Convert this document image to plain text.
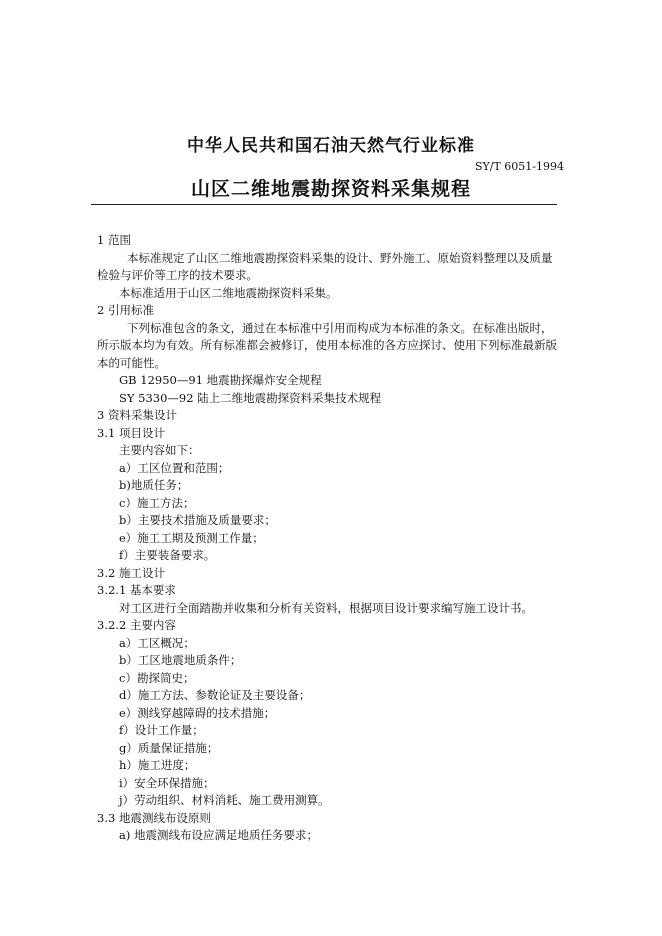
中华人民共和国石油天然气行业标准
SY/T 6051-1994
山区二维地震勘探资料采集规程
1 范围
本标准规定了山区二维地震勘探资料采集的设计、野外施工、原始资料整理以及质量
检验与评价等工序的技术要求。
本标准适用于山区二维地震勘探资料采集。
2 引用标准
下列标准包含的条文，通过在本标准中引用而构成为本标准的条文。在标准出版时，
所示版本均为有效。所有标准都会被修订，使用本标准的各方应探讨、使用下列标准最新版
本的可能性。
GB 12950—91 地震勘探爆炸安全规程
SY 5330—92 陆上二维地震勘探资料采集技术规程
3 资料采集设计
3.1 项目设计
主要内容如下：
a）工区位置和范围；
b)地质任务；
c）施工方法；
b）主要技术措施及质量要求；
e）施工工期及预测工作量；
f）主要装备要求。
3.2 施工设计
3.2.1 基本要求
对工区进行全面踏勘并收集和分析有关资料，根据项目设计要求编写施工设计书。
3.2.2 主要内容
a）工区概况；
b）工区地震地质条件；
c）勘探简史；
d）施工方法、参数论证及主要设备；
e）测线穿越障碍的技术措施；
f）设计工作量；
g）质量保证措施；
h）施工进度；
i）安全环保措施；
j）劳动组织、材料消耗、施工费用测算。
3.3 地震测线布设原则
a) 地震测线布设应满足地质任务要求；
